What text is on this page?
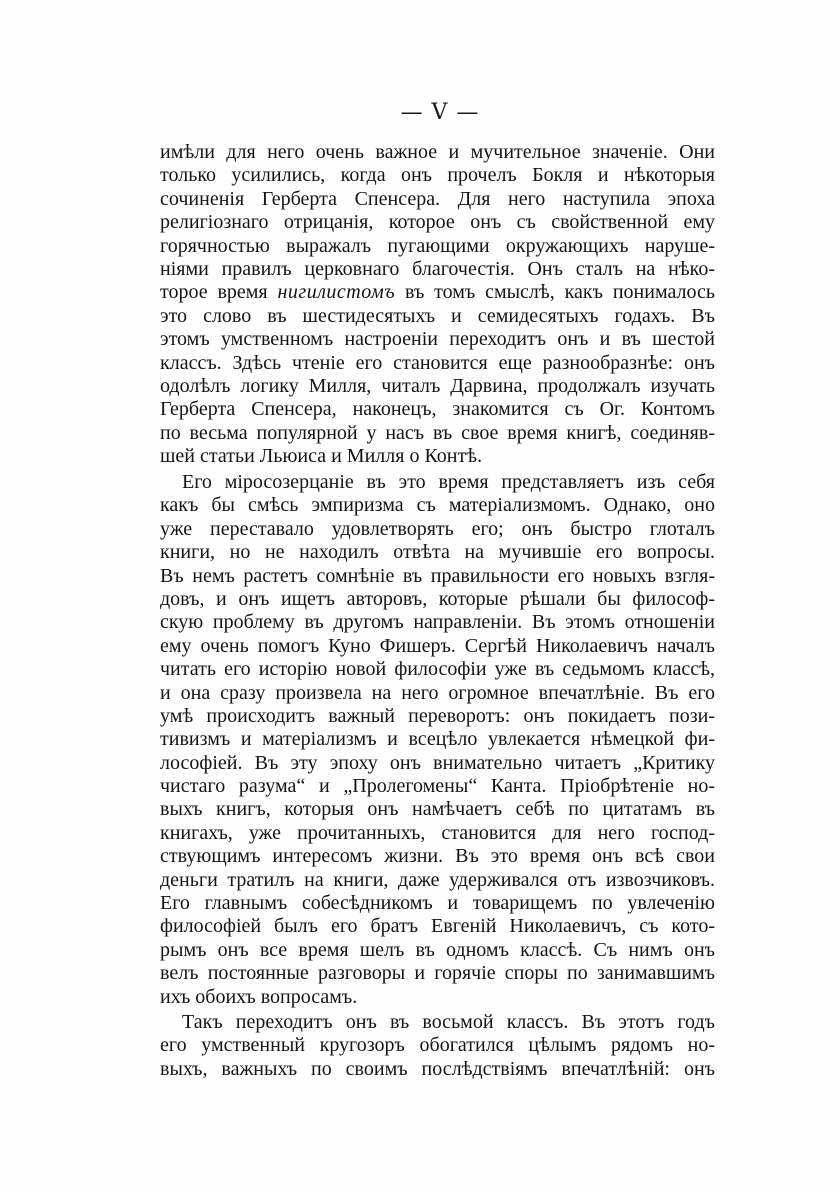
— V —
имѣли для него очень важное и мучительное значеніе. Они
только усилились, когда онъ прочелъ Бокля и нѣкоторыя
сочиненія Герберта Спенсера. Для него наступила эпоха
религіознаго отрицанія, которое онъ съ свойственной ему
горячностью выражалъ пугающими окружающихъ наруше-
ніями правилъ церковнаго благочестія. Онъ сталъ на нѣко-
торое время нигилистомъ въ томъ смыслѣ, какъ понималось
это слово въ шестидесятыхъ и семидесятыхъ годахъ. Въ
этомъ умственномъ настроеніи переходитъ онъ и въ шестой
классъ. Здѣсь чтеніе его становится еще разнообразнѣе: онъ
одолѣлъ логику Милля, читалъ Дарвина, продолжалъ изучать
Герберта Спенсера, наконецъ, знакомится съ Ог. Контомъ
по весьма популярной у насъ въ свое время книгѣ, соединяв-
шей статьи Льюиса и Милля о Контѣ.
Его міросозерцаніе въ это время представляетъ изъ себя
какъ бы смѣсь эмпиризма съ матеріализмомъ. Однако, оно
уже переставало удовлетворять его; онъ быстро глоталъ
книги, но не находилъ отвѣта на мучившіе его вопросы.
Въ немъ растетъ сомнѣніе въ правильности его новыхъ взгля-
довъ, и онъ ищетъ авторовъ, которые рѣшали бы философ-
скую проблему въ другомъ направленіи. Въ этомъ отношеніи
ему очень помогъ Куно Фишеръ. Сергѣй Николаевичъ началъ
читать его исторію новой философіи уже въ седьмомъ классѣ,
и она сразу произвела на него огромное впечатлѣніе. Въ его
умѣ происходитъ важный переворотъ: онъ покидаетъ пози-
тивизмъ и матеріализмъ и всецѣло увлекается нѣмецкой фи-
лософіей. Въ эту эпоху онъ внимательно читаетъ „Критику
чистаго разума“ и „Пролегомены“ Канта. Пріобрѣтеніе но-
выхъ книгъ, которыя онъ намѣчаетъ себѣ по цитатамъ въ
книгахъ, уже прочитанныхъ, становится для него господ-
ствующимъ интересомъ жизни. Въ это время онъ всѣ свои
деньги тратилъ на книги, даже удерживался отъ извозчиковъ.
Его главнымъ собесѣдникомъ и товарищемъ по увлеченію
философіей былъ его братъ Евгеній Николаевичъ, съ кото-
рымъ онъ все время шелъ въ одномъ классѣ. Съ нимъ онъ
велъ постоянные разговоры и горячіе споры по занимавшимъ
ихъ обоихъ вопросамъ.
Такъ переходитъ онъ въ восьмой классъ. Въ этотъ годъ
его умственный кругозоръ обогатился цѣлымъ рядомъ но-
выхъ, важныхъ по своимъ послѣдствіямъ впечатлѣній: онъ
